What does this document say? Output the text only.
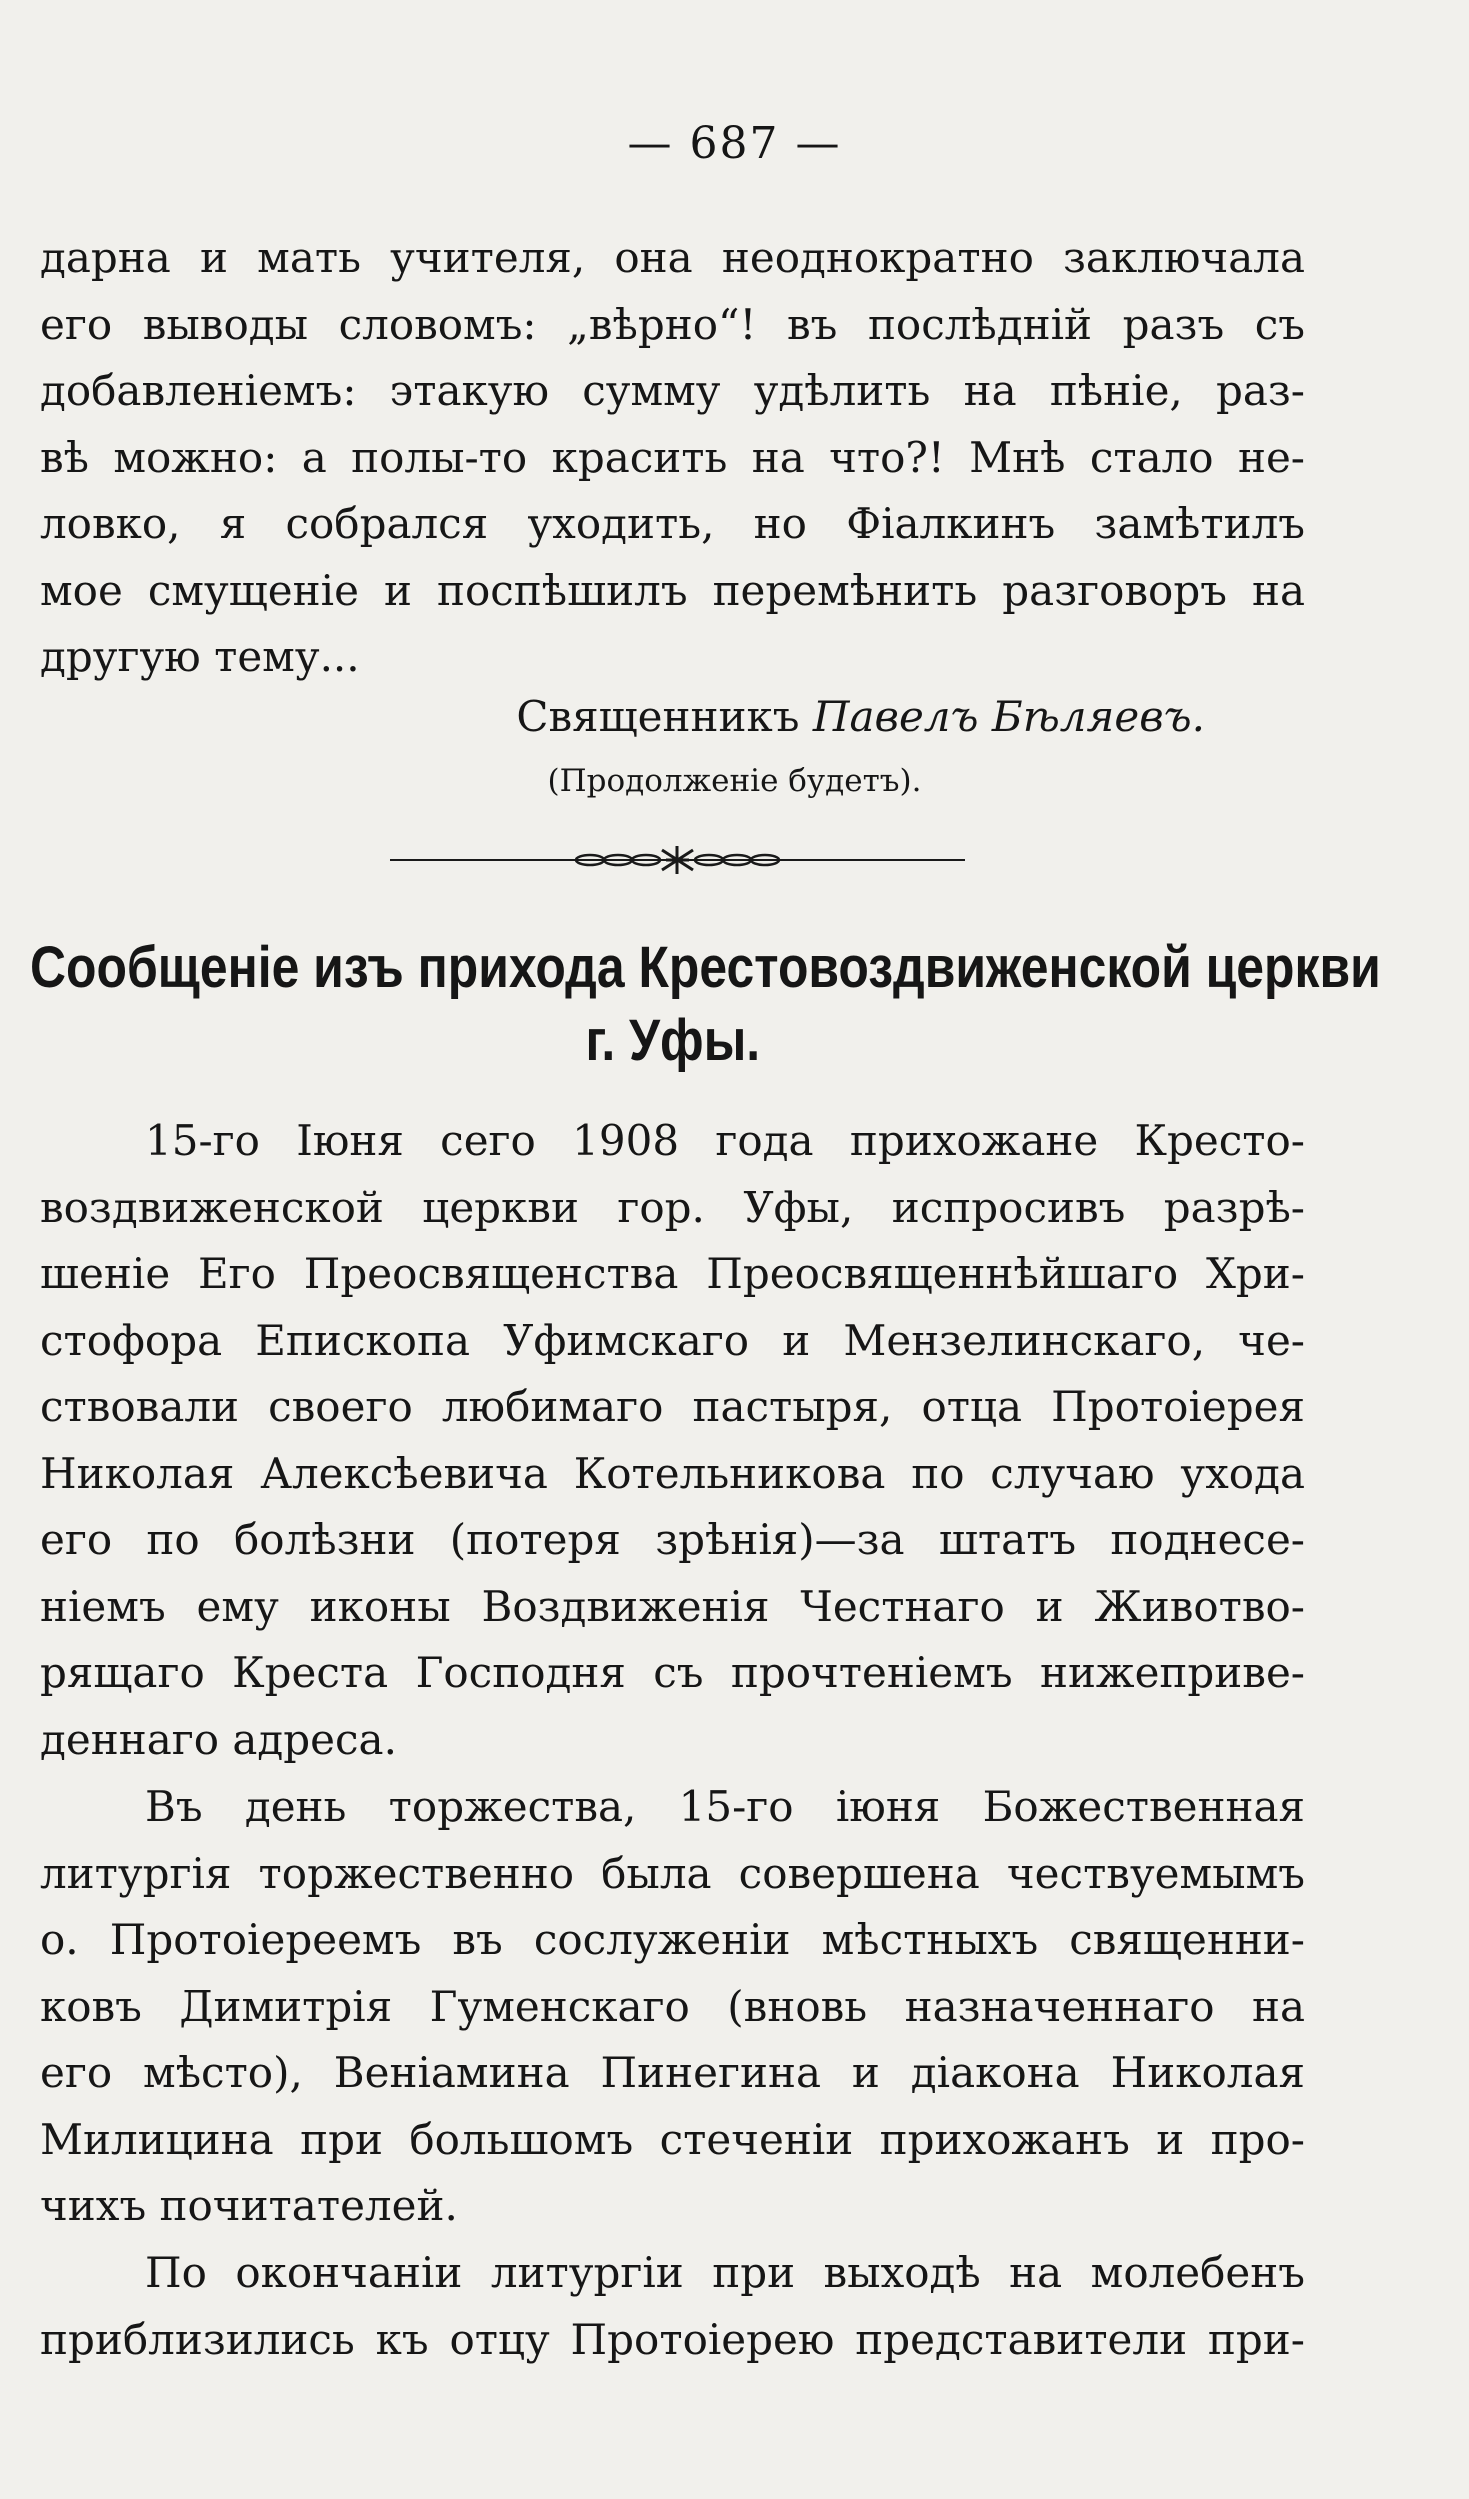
— 687 —
дарна и мать учителя, она неоднократно заключала
его выводы словомъ: „вѣрно“! въ послѣдній разъ съ
добавленіемъ: этакую сумму удѣлить на пѣніе, раз-
вѣ можно: а полы-то красить на что?! Мнѣ стало не-
ловко, я собрался уходить, но Фіалкинъ замѣтилъ
мое смущеніе и поспѣшилъ перемѣнить разговоръ на
другую тему...
Священникъ Павелъ Бѣляевъ.
(Продолженіе будетъ).
Сообщеніе изъ прихода Крестовоздвиженской церкви
г. Уфы.
15-го Іюня сего 1908 года прихожане Кресто-
воздвиженской церкви гор. Уфы, испросивъ разрѣ-
шеніе Его Преосвященства Преосвященнѣйшаго Хри-
стофора Епископа Уфимскаго и Мензелинскаго, че-
ствовали своего любимаго пастыря, отца Протоіерея
Николая Алексѣевича Котельникова по случаю ухода
его по болѣзни (потеря зрѣнія)—за штатъ поднесе-
ніемъ ему иконы Воздвиженія Честнаго и Животво-
рящаго Креста Господня съ прочтеніемъ нижеприве-
деннаго адреса.
Въ день торжества, 15-го іюня Божественная
литургія торжественно была совершена чествуемымъ
о. Протоіереемъ въ сослуженіи мѣстныхъ священни-
ковъ Димитрія Гуменскаго (вновь назначеннаго на
его мѣсто), Веніамина Пинегина и діакона Николая
Милицина при большомъ стеченіи прихожанъ и про-
чихъ почитателей.
По окончаніи литургіи при выходѣ на молебенъ
приблизились къ отцу Протоіерею представители при-
